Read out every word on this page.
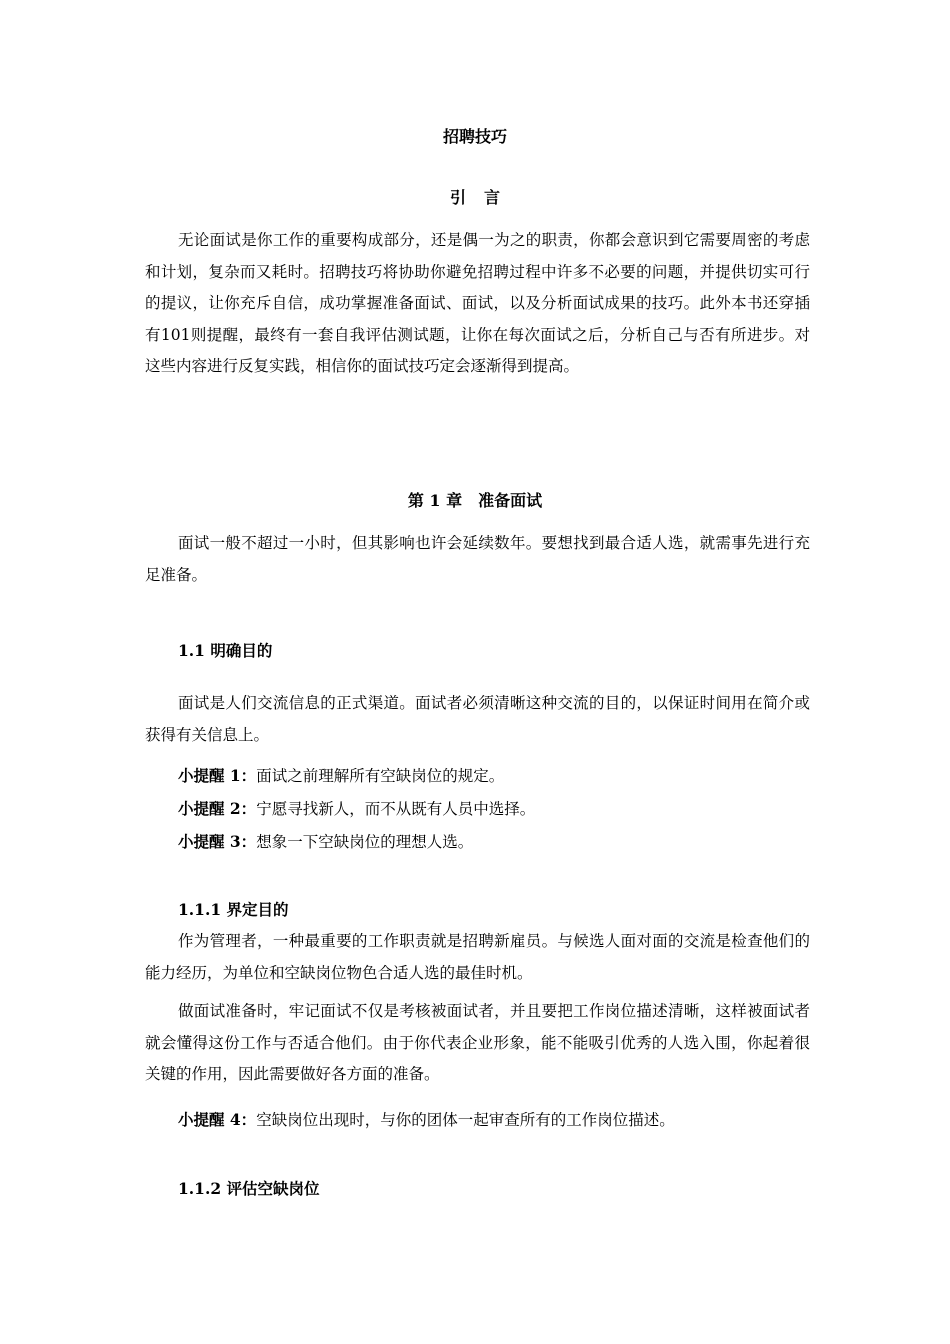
招聘技巧
引言

无论面试是你工作的重要构成部分，还是偶一为之的职责，你都会意识到它需要周密的考虑和计划，复杂而又耗时。招聘技巧将协助你避免招聘过程中许多不必要的问题，并提供切实可行的提议，让你充斥自信，成功掌握准备面试、面试，以及分析面试成果的技巧。此外本书还穿插有101则提醒，最终有一套自我评估测试题，让你在每次面试之后，分析自己与否有所进步。对这些内容进行反复实践，相信你的面试技巧定会逐渐得到提高。

第 1 章　准备面试

面试一般不超过一小时，但其影响也许会延续数年。要想找到最合适人选，就需事先进行充足准备。

1.1 明确目的

面试是人们交流信息的正式渠道。面试者必须清晰这种交流的目的，以保证时间用在简介或获得有关信息上。

小提醒 1：面试之前理解所有空缺岗位的规定。
小提醒 2：宁愿寻找新人，而不从既有人员中选择。
小提醒 3：想象一下空缺岗位的理想人选。
1.1.1 界定目的

作为管理者，一种最重要的工作职责就是招聘新雇员。与候选人面对面的交流是检查他们的能力经历，为单位和空缺岗位物色合适人选的最佳时机。

做面试准备时，牢记面试不仅是考核被面试者，并且要把工作岗位描述清晰，这样被面试者就会懂得这份工作与否适合他们。由于你代表企业形象，能不能吸引优秀的人选入围，你起着很关键的作用，因此需要做好各方面的准备。

小提醒 4：空缺岗位出现时，与你的团体一起审查所有的工作岗位描述。
1.1.2 评估空缺岗位
